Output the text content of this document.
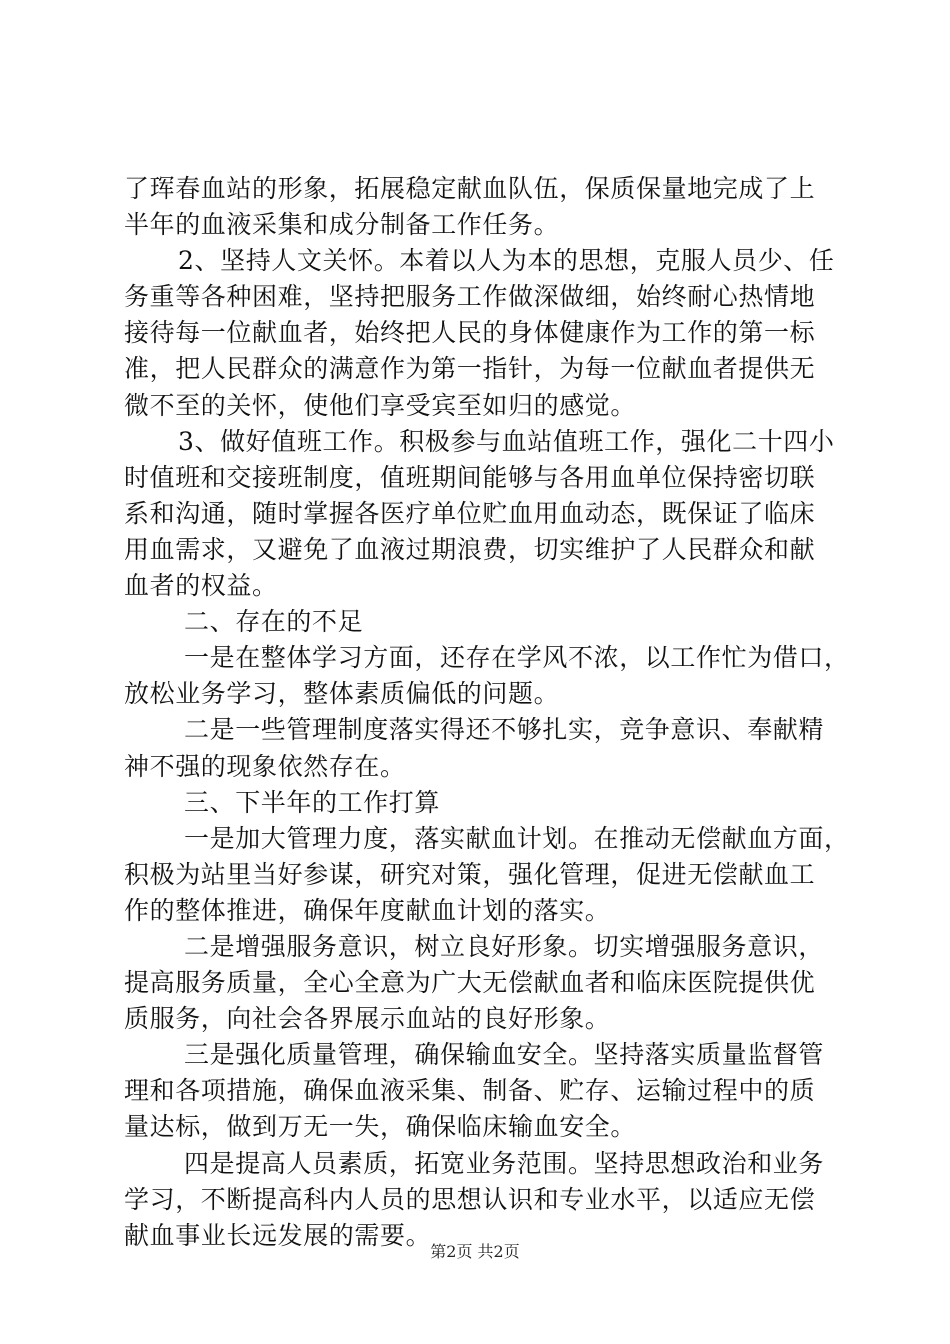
了珲春血站的形象，拓展稳定献血队伍，保质保量地完成了上
半年的血液采集和成分制备工作任务。
2、坚持人文关怀。本着以人为本的思想，克服人员少、任
务重等各种困难，坚持把服务工作做深做细，始终耐心热情地
接待每一位献血者，始终把人民的身体健康作为工作的第一标
准，把人民群众的满意作为第一指针，为每一位献血者提供无
微不至的关怀，使他们享受宾至如归的感觉。
3、做好值班工作。积极参与血站值班工作，强化二十四小
时值班和交接班制度，值班期间能够与各用血单位保持密切联
系和沟通，随时掌握各医疗单位贮血用血动态，既保证了临床
用血需求，又避免了血液过期浪费，切实维护了人民群众和献
血者的权益。
二、存在的不足
一是在整体学习方面，还存在学风不浓，以工作忙为借口，
放松业务学习，整体素质偏低的问题。
二是一些管理制度落实得还不够扎实，竞争意识、奉献精
神不强的现象依然存在。
三、下半年的工作打算
一是加大管理力度，落实献血计划。在推动无偿献血方面，
积极为站里当好参谋，研究对策，强化管理，促进无偿献血工
作的整体推进，确保年度献血计划的落实。
二是增强服务意识，树立良好形象。切实增强服务意识，
提高服务质量，全心全意为广大无偿献血者和临床医院提供优
质服务，向社会各界展示血站的良好形象。
三是强化质量管理，确保输血安全。坚持落实质量监督管
理和各项措施，确保血液采集、制备、贮存、运输过程中的质
量达标，做到万无一失，确保临床输血安全。
四是提高人员素质，拓宽业务范围。坚持思想政治和业务
学习，不断提高科内人员的思想认识和专业水平，以适应无偿
献血事业长远发展的需要。
第2页 共2页
